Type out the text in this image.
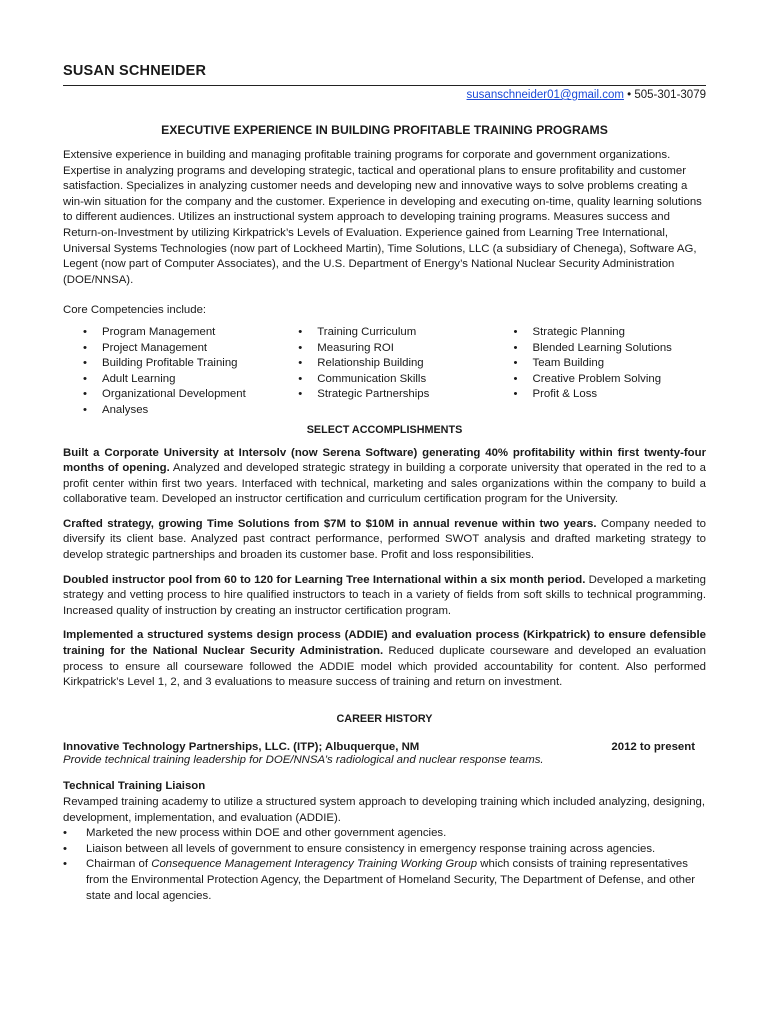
SUSAN SCHNEIDER
susanschneider01@gmail.com • 505-301-3079
EXECUTIVE EXPERIENCE IN BUILDING PROFITABLE TRAINING PROGRAMS

Extensive experience in building and managing profitable training programs for corporate and government organizations. Expertise in analyzing programs and developing strategic, tactical and operational plans to ensure profitability and customer satisfaction. Specializes in analyzing customer needs and developing new and innovative ways to solve problems creating a win-win situation for the company and the customer. Experience in developing and executing on-time, quality learning solutions to different audiences. Utilizes an instructional system approach to developing training programs. Measures success and Return-on-Investment by utilizing Kirkpatrick’s Levels of Evaluation. Experience gained from Learning Tree International, Universal Systems Technologies (now part of Lockheed Martin), Time Solutions, LLC (a subsidiary of Chenega), Software AG, Legent (now part of Computer Associates), and the U.S. Department of Energy’s National Nuclear Security Administration (DOE/NNSA).

Core Competencies include:

• Program Management
• Project Management
• Building Profitable Training
• Adult Learning
• Organizational Development
• Analyses
• Training Curriculum
• Measuring ROI
• Relationship Building
• Communication Skills
• Strategic Partnerships
• Strategic Planning
• Blended Learning Solutions
• Team Building
• Creative Problem Solving
• Profit & Loss
SELECT ACCOMPLISHMENTS

Built a Corporate University at Intersolv (now Serena Software) generating 40% profitability within first twenty-four months of opening. Analyzed and developed strategic strategy in building a corporate university that operated in the red to a profit center within first two years. Interfaced with technical, marketing and sales organizations within the company to build a collaborative team. Developed an instructor certification and curriculum certification program for the University.

Crafted strategy, growing Time Solutions from $7M to $10M in annual revenue within two years. Company needed to diversify its client base. Analyzed past contract performance, performed SWOT analysis and drafted marketing strategy to develop strategic partnerships and broaden its customer base. Profit and loss responsibilities.

Doubled instructor pool from 60 to 120 for Learning Tree International within a six month period. Developed a marketing strategy and vetting process to hire qualified instructors to teach in a variety of fields from soft skills to technical programming. Increased quality of instruction by creating an instructor certification program.

Implemented a structured systems design process (ADDIE) and evaluation process (Kirkpatrick) to ensure defensible training for the National Nuclear Security Administration. Reduced duplicate courseware and developed an evaluation process to ensure all courseware followed the ADDIE model which provided accountability for content. Also performed Kirkpatrick’s Level 1, 2, and 3 evaluations to measure success of training and return on investment.

CAREER HISTORY
Innovative Technology Partnerships, LLC. (ITP); Albuquerque, NM	2012 to present

Provide technical training leadership for DOE/NNSA’s radiological and nuclear response teams.

Technical Training Liaison

Revamped training academy to utilize a structured system approach to developing training which included analyzing, designing, development, implementation, and evaluation (ADDIE).

• Marketed the new process within DOE and other government agencies.
• Liaison between all levels of government to ensure consistency in emergency response training across agencies.
• Chairman of Consequence Management Interagency Training Working Group which consists of training representatives from the Environmental Protection Agency, the Department of Homeland Security, The Department of Defense, and other state and local agencies.
